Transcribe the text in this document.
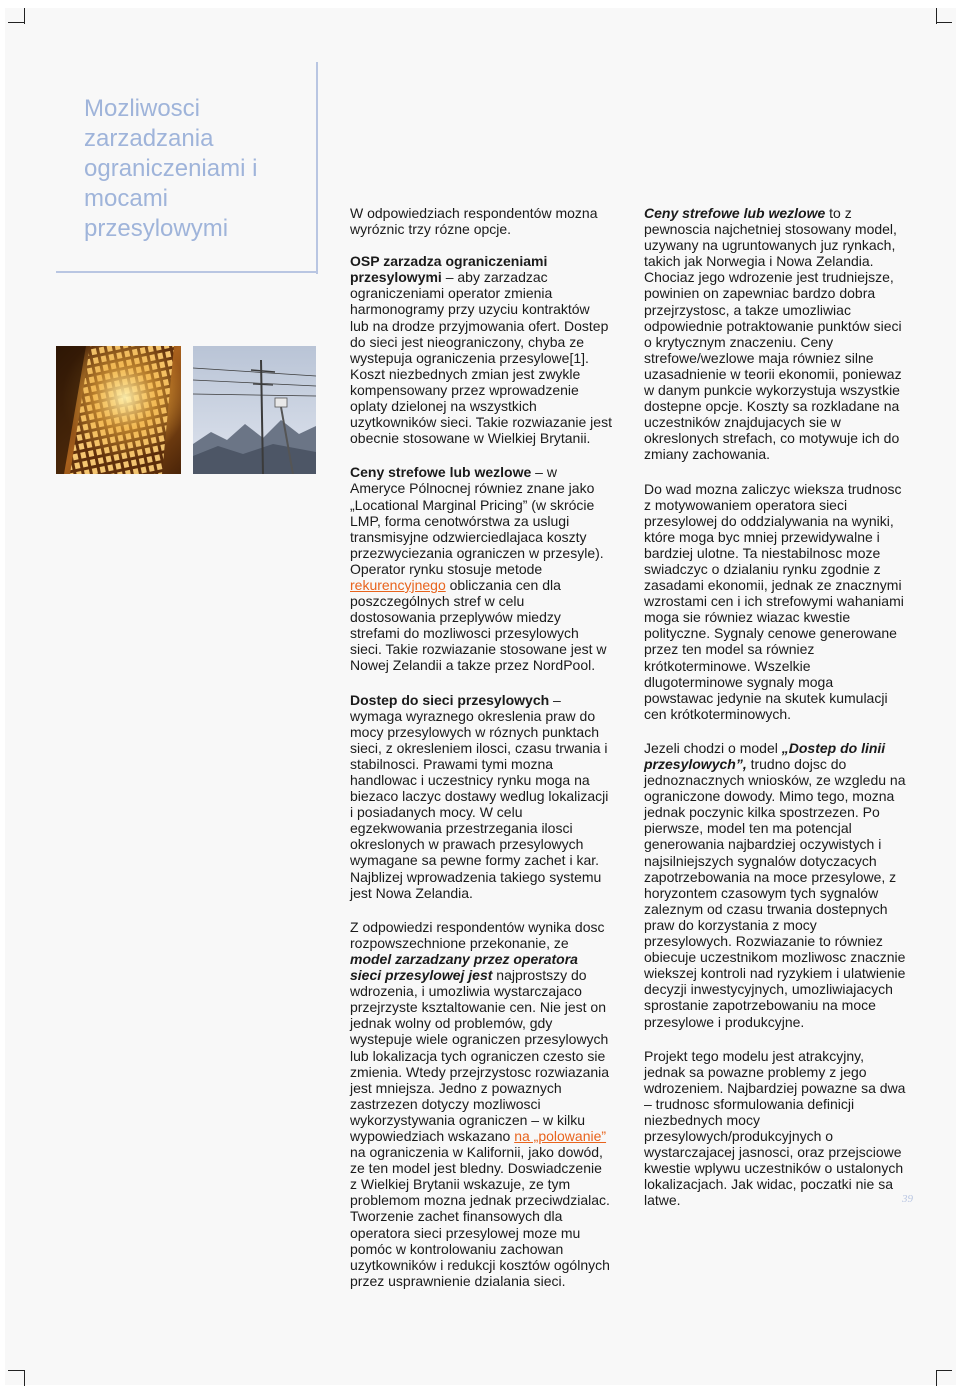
Mozliwosci zarzadzania ograniczeniami i mocami przesylowymi

W odpowiedziach respondentów mozna wyróznic trzy rózne opcje.

OSP zarzadza ograniczeniami przesylowymi – aby zarzadzac ograniczeniami operator zmienia harmonogramy przy uzyciu kontraktów lub na drodze przyjmowania ofert. Dostep do sieci jest nieograniczony, chyba ze wystepuja ograniczenia przesylowe[1]. Koszt niezbednych zmian jest zwykle kompensowany przez wprowadzenie oplaty dzielonej na wszystkich uzytkowników sieci. Takie rozwiazanie jest obecnie stosowane w Wielkiej Brytanii.

Ceny strefowe lub wezlowe – w Ameryce Pólnocnej równiez znane jako „Locational Marginal Pricing” (w skrócie LMP, forma cenotwórstwa za uslugi transmisyjne odzwierciedlajaca koszty przezwyciezania ograniczen w przesyle). Operator rynku stosuje metode rekurencyjnego obliczania cen dla poszczególnych stref w celu dostosowania przeplywów miedzy strefami do mozliwosci przesylowych sieci. Takie rozwiazanie stosowane jest w Nowej Zelandii a takze przez NordPool.

Dostep do sieci przesylowych – wymaga wyraznego okreslenia praw do mocy przesylowych w róznych punktach sieci, z okresleniem ilosci, czasu trwania i stabilnosci. Prawami tymi mozna handlowac i uczestnicy rynku moga na biezaco laczyc dostawy wedlug lokalizacji i posiadanych mocy. W celu egzekwowania przestrzegania ilosci okreslonych w prawach przesylowych wymagane sa pewne formy zachet i kar. Najblizej wprowadzenia takiego systemu jest Nowa Zelandia.

Z odpowiedzi respondentów wynika dosc rozpowszechnione przekonanie, ze model zarzadzany przez operatora sieci przesylowej jest najprostszy do wdrozenia, i umozliwia wystarczajaco przejrzyste ksztaltowanie cen. Nie jest on jednak wolny od problemów, gdy wystepuje wiele ograniczen przesylowych lub lokalizacja tych ograniczen czesto sie zmienia. Wtedy przejrzystosc rozwiazania jest mniejsza. Jedno z powaznych zastrzezen dotyczy mozliwosci wykorzystywania ograniczen – w kilku wypowiedziach wskazano na „polowanie” na ograniczenia w Kalifornii, jako dowód, ze ten model jest bledny. Doswiadczenie z Wielkiej Brytanii wskazuje, ze tym problemom mozna jednak przeciwdzialac. Tworzenie zachet finansowych dla operatora sieci przesylowej moze mu pomóc w kontrolowaniu zachowan uzytkowników i redukcji kosztów ogólnych przez usprawnienie dzialania sieci.

Ceny strefowe lub wezlowe to z pewnoscia najchetniej stosowany model, uzywany na ugruntowanych juz rynkach, takich jak Norwegia i Nowa Zelandia. Chociaz jego wdrozenie jest trudniejsze, powinien on zapewniac bardzo dobra przejrzystosc, a takze umozliwiac odpowiednie potraktowanie punktów sieci o krytycznym znaczeniu. Ceny strefowe/wezlowe maja równiez silne uzasadnienie w teorii ekonomii, poniewaz w danym punkcie wykorzystuja wszystkie dostepne opcje. Koszty sa rozkladane na uczestników znajdujacych sie w okreslonych strefach, co motywuje ich do zmiany zachowania.

Do wad mozna zaliczyc wieksza trudnosc z motywowaniem operatora sieci przesylowej do oddzialywania na wyniki, które moga byc mniej przewidywalne i bardziej ulotne. Ta niestabilnosc moze swiadczyc o dzialaniu rynku zgodnie z zasadami ekonomii, jednak ze znacznymi wzrostami cen i ich strefowymi wahaniami moga sie równiez wiazac kwestie polityczne. Sygnaly cenowe generowane przez ten model sa równiez krótkoterminowe. Wszelkie dlugoterminowe sygnaly moga powstawac jedynie na skutek kumulacji cen krótkoterminowych.

Jezeli chodzi o model „Dostep do linii przesylowych”, trudno dojsc do jednoznacznych wniosków, ze wzgledu na ograniczone dowody. Mimo tego, mozna jednak poczynic kilka spostrzezen. Po pierwsze, model ten ma potencjal generowania najbardziej oczywistych i najsilniejszych sygnalów dotyczacych zapotrzebowania na moce przesylowe, z horyzontem czasowym tych sygnalów zaleznym od czasu trwania dostepnych praw do korzystania z mocy przesylowych. Rozwiazanie to równiez obiecuje uczestnikom mozliwosc znacznie wiekszej kontroli nad ryzykiem i ulatwienie decyzji inwestycyjnych, umozliwiajacych sprostanie zapotrzebowaniu na moce przesylowe i produkcyjne.

Projekt tego modelu jest atrakcyjny, jednak sa powazne problemy z jego wdrozeniem. Najbardziej powazne sa dwa – trudnosc sformulowania definicji niezbednych mocy przesylowych/produkcyjnych o wystarczajacej jasnosci, oraz przejsciowe kwestie wplywu uczestników o ustalonych lokalizacjach. Jak widac, poczatki nie sa latwe.	39
